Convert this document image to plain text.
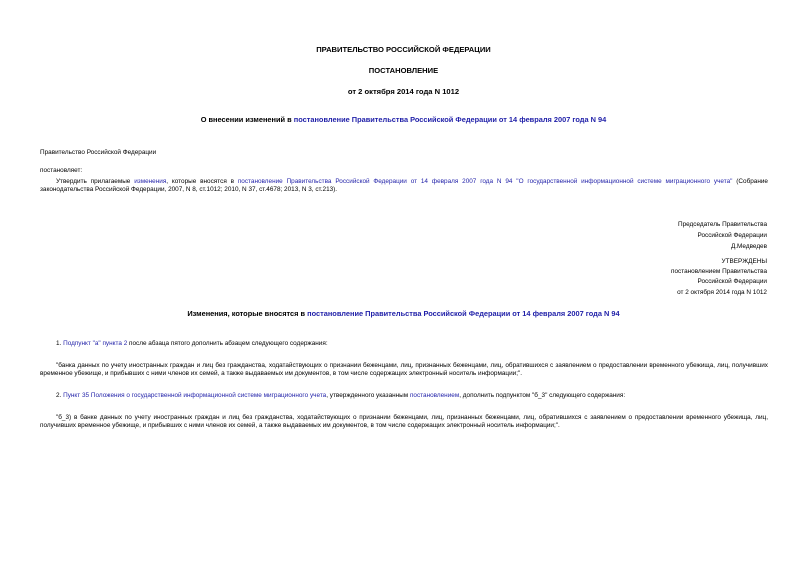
ПРАВИТЕЛЬСТВО РОССИЙСКОЙ ФЕДЕРАЦИИ
ПОСТАНОВЛЕНИЕ
от 2 октября 2014 года N 1012
О внесении изменений в постановление Правительства Российской Федерации от 14 февраля 2007 года N 94
Правительство Российской Федерации
постановляет:
Утвердить прилагаемые изменения, которые вносятся в постановление Правительства Российской Федерации от 14 февраля 2007 года N 94 "О государственной информационной системе миграционного учета" (Собрание законодательства Российской Федерации, 2007, N 8, ст.1012; 2010, N 37, ст.4678; 2013, N 3, ст.213).
Председатель Правительства
Российской Федерации
Д.Медведев
УТВЕРЖДЕНЫ
постановлением Правительства
Российской Федерации
от 2 октября 2014 года N 1012
Изменения, которые вносятся в постановление Правительства Российской Федерации от 14 февраля 2007 года N 94
1. Подпункт "а" пункта 2 после абзаца пятого дополнить абзацем следующего содержания:
"банка данных по учету иностранных граждан и лиц без гражданства, ходатайствующих о признании беженцами, лиц, признанных беженцами, лиц, обратившихся с заявлением о предоставлении временного убежища, лиц, получивших временное убежище, и прибывших с ними членов их семей, а также выдаваемых им документов, в том числе содержащих электронный носитель информации;".
2. Пункт 35 Положения о государственной информационной системе миграционного учета, утвержденного указанным постановлением, дополнить подпунктом "б_3" следующего содержания:
"б_3) в банке данных по учету иностранных граждан и лиц без гражданства, ходатайствующих о признании беженцами, лиц, признанных беженцами, лиц, обратившихся с заявлением о предоставлении временного убежища, лиц, получивших временное убежище, и прибывших с ними членов их семей, а также выдаваемых им документов, в том числе содержащих электронный носитель информации;".
